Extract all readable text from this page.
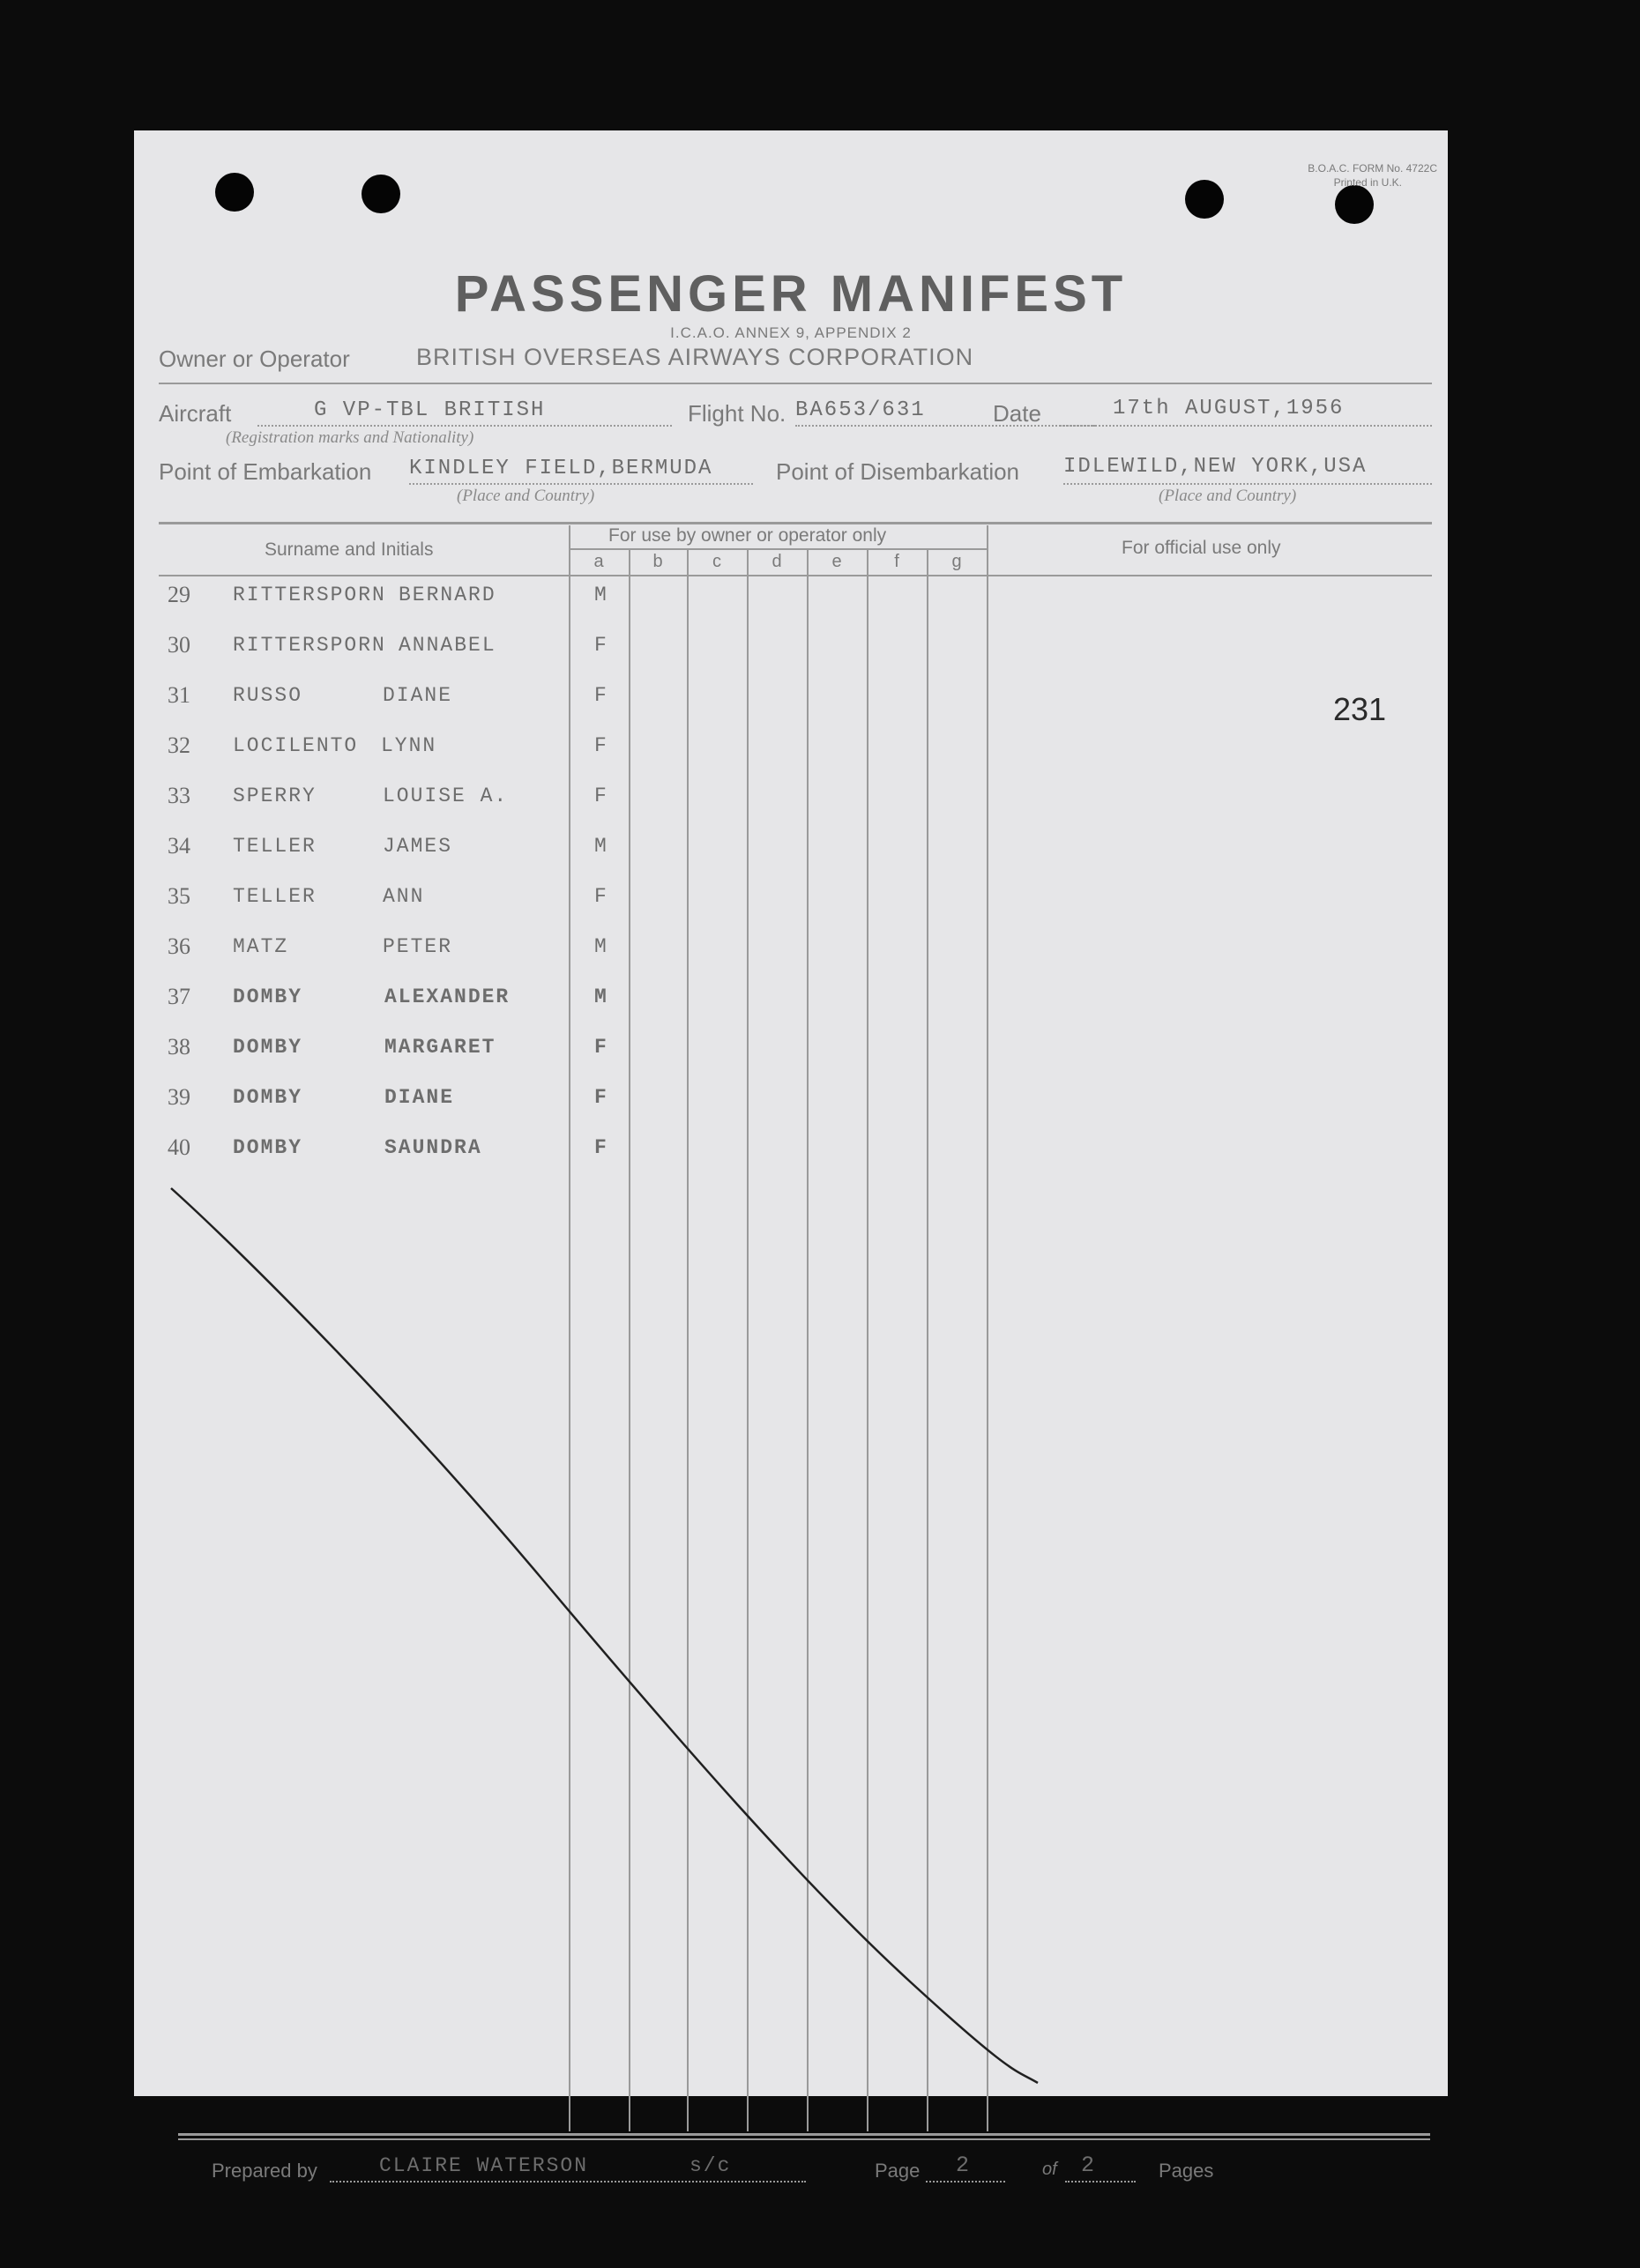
B.O.A.C. FORM No. 4722C
Printed in U.K.
PASSENGER MANIFEST
I.C.A.O. ANNEX 9, APPENDIX 2
Owner or Operator	BRITISH OVERSEAS AIRWAYS CORPORATION
Aircraft	G VP-TBL BRITISH
(Registration marks and Nationality)
Flight No. BA653/631	Date	17th AUGUST,1956
Point of Embarkation KINDLEY FIELD,BERMUDA
(Place and Country)
Point of Disembarkation IDLEWILD,NEW YORK,USA
(Place and Country)
Surname and Initials
For use by owner or operator only
For official use only
a	b	c	d	e	f	g
29 RITTERSPORN BERNARD	M
30 RITTERSPORN ANNABEL	F
31 RUSSO	DIANE	F
32 LOCILENTO LYNN	F
33 SPERRY	LOUISE A.	F
34 TELLER	JAMES	M
35 TELLER	ANN	F
36 MATZ	PETER	M
37 DOMBY	ALEXANDER	M
38 DOMBY	MARGARET	F
39 DOMBY	DIANE	F
40 DOMBY	SAUNDRA	F
231
Prepared by	CLAIRE WATERSON	s/c	Page 2	of 2	Pages
